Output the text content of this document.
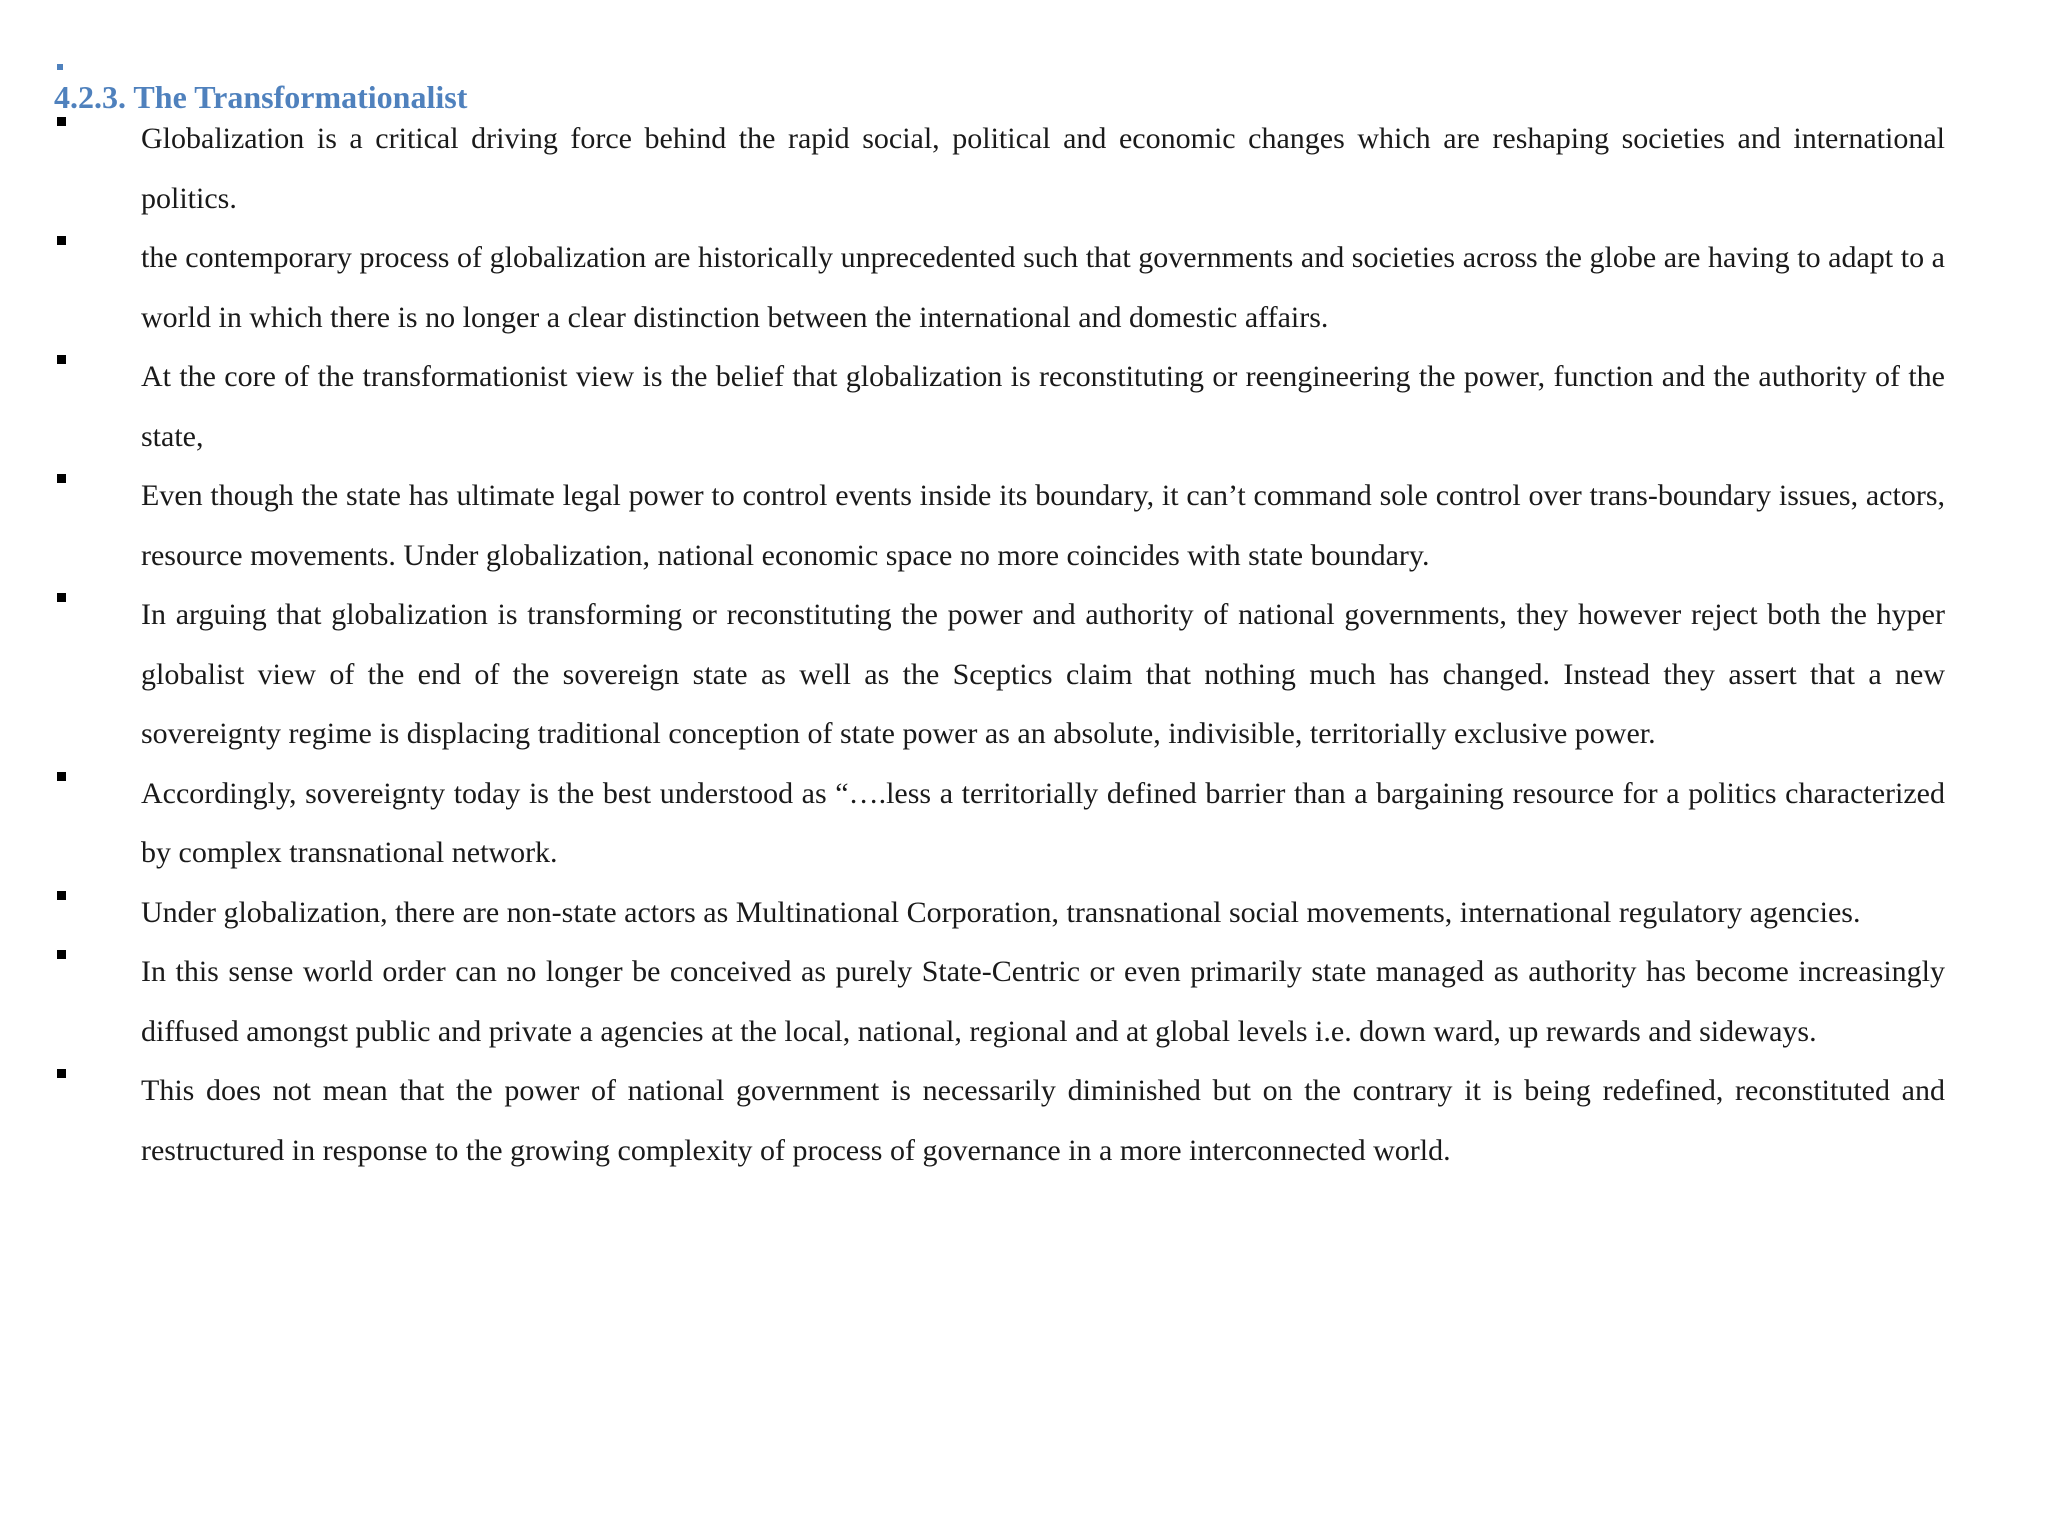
4.2.3. The Transformationalist
Globalization is a critical driving force behind the rapid social, political and economic changes which are reshaping societies and international politics.
the contemporary process of globalization are historically unprecedented such that governments and societies across the globe are having to adapt to a world in which there is no longer a clear distinction between the international and domestic affairs.
At the core of the transformationist view is the belief that globalization is reconstituting or reengineering the power, function and the authority of the state,
Even though the state has ultimate legal power to control events inside its boundary, it can’t command sole control over trans-boundary issues, actors, resource movements. Under globalization, national economic space no more coincides with state boundary.
In arguing that globalization is transforming or reconstituting the power and authority of national governments, they however reject both the hyper globalist view of the end of the sovereign state as well as the Sceptics claim that nothing much has changed. Instead they assert that a new sovereignty regime is displacing traditional conception of state power as an absolute, indivisible, territorially exclusive power.
Accordingly, sovereignty today is the best understood as “….less a territorially defined barrier than a bargaining resource for a politics characterized by complex transnational network.
Under globalization, there are non-state actors as Multinational Corporation, transnational social movements, international regulatory agencies.
In this sense world order can no longer be conceived as purely State-Centric or even primarily state managed as authority has become increasingly diffused amongst public and private a agencies at the local, national, regional and at global levels i.e. down ward, up rewards and sideways.
This does not mean that the power of national government is necessarily diminished but on the contrary it is being redefined, reconstituted and restructured in response to the growing complexity of process of governance in a more interconnected world.
